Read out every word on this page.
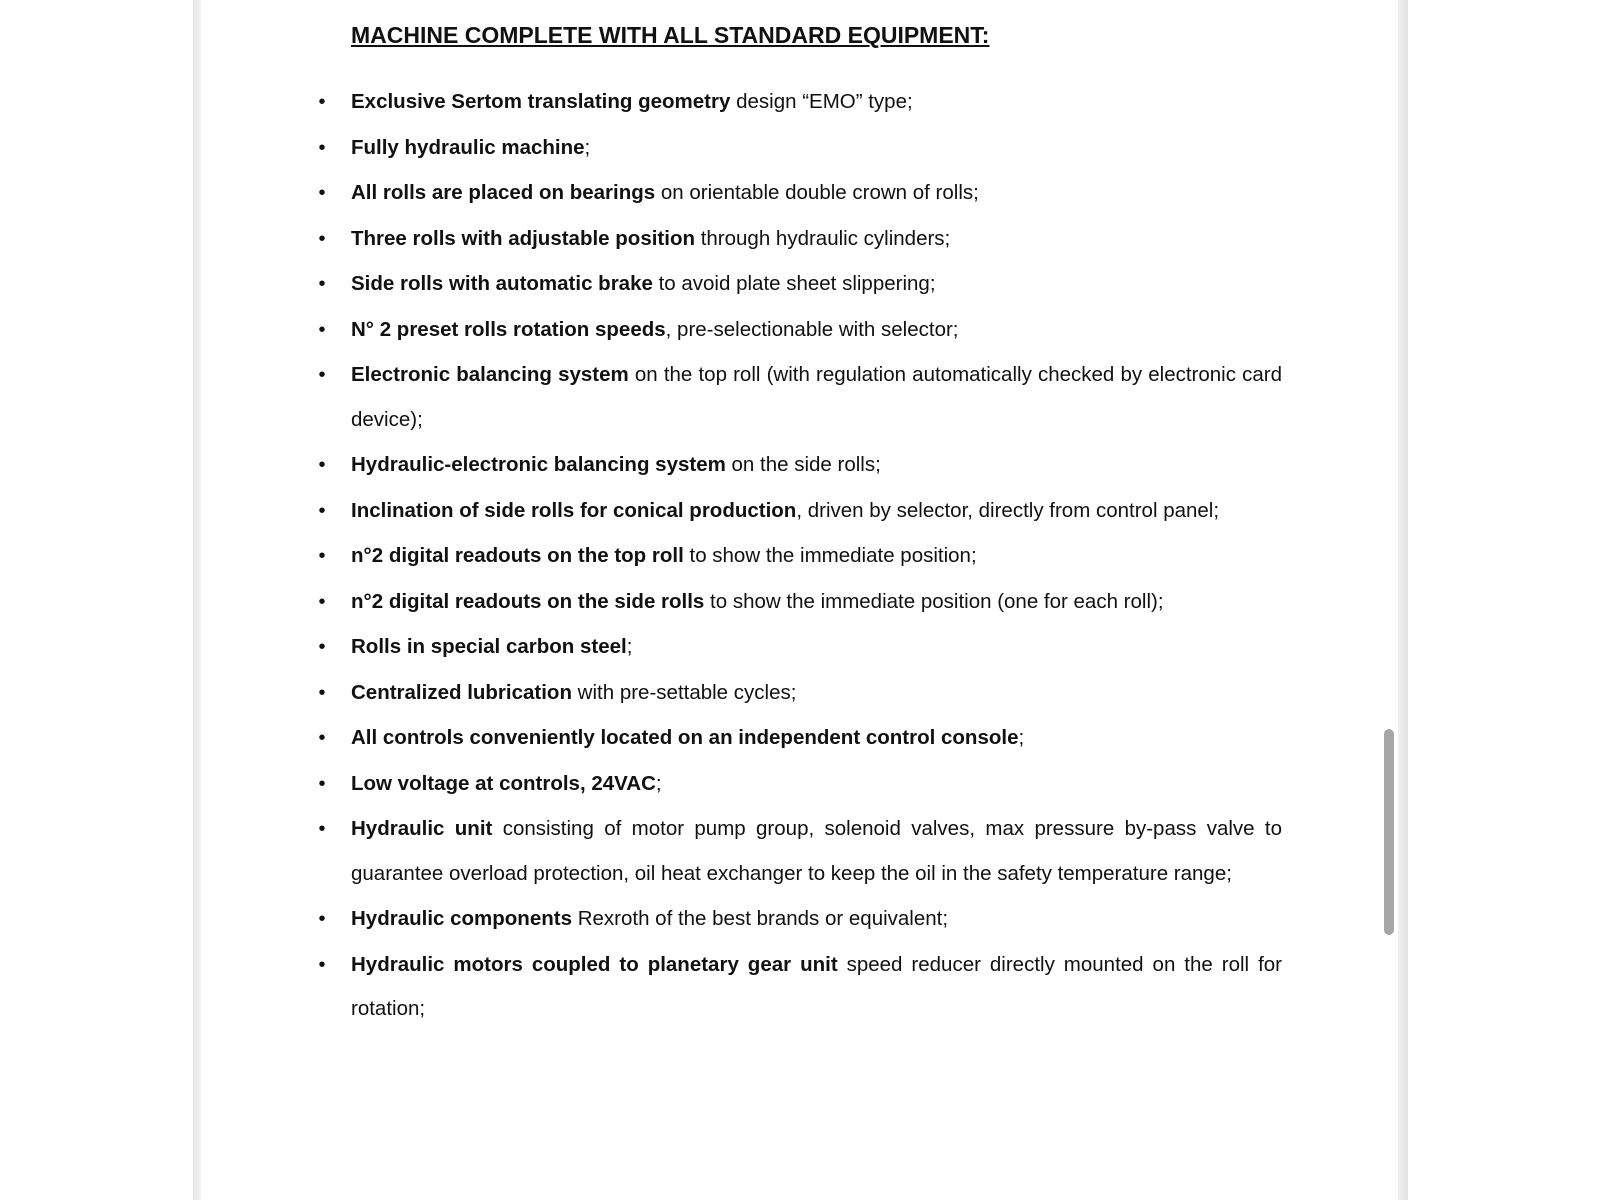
MACHINE COMPLETE WITH ALL STANDARD EQUIPMENT:
• Exclusive Sertom translating geometry design “EMO” type;
• Fully hydraulic machine;
• All rolls are placed on bearings on orientable double crown of rolls;
• Three rolls with adjustable position through hydraulic cylinders;
• Side rolls with automatic brake to avoid plate sheet slippering;
• N° 2 preset rolls rotation speeds, pre-selectionable with selector;
• Electronic balancing system on the top roll (with regulation automatically checked by electronic card device);
• Hydraulic-electronic balancing system on the side rolls;
• Inclination of side rolls for conical production, driven by selector, directly from control panel;
• n°2 digital readouts on the top roll to show the immediate position;
• n°2 digital readouts on the side rolls to show the immediate position (one for each roll);
• Rolls in special carbon steel;
• Centralized lubrication with pre-settable cycles;
• All controls conveniently located on an independent control console;
• Low voltage at controls, 24VAC;
• Hydraulic unit consisting of motor pump group, solenoid valves, max pressure by-pass valve to guarantee overload protection, oil heat exchanger to keep the oil in the safety temperature range;
• Hydraulic components Rexroth of the best brands or equivalent;
• Hydraulic motors coupled to planetary gear unit speed reducer directly mounted on the roll for rotation;
